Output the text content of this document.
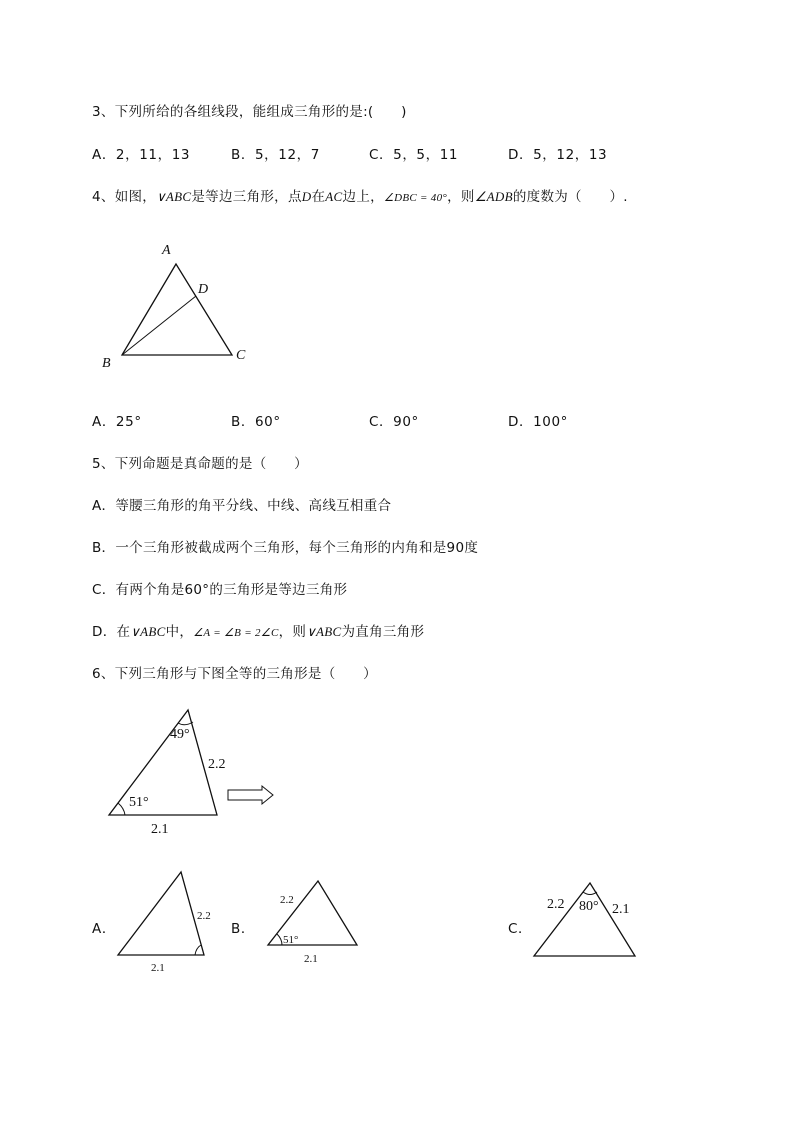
3、下列所给的各组线段，能组成三角形的是:(　　)
A．2，11，13	B．5，12，7	C．5，5，11	D．5，12，13
4、如图，∨ABC是等边三角形，点D在AC边上，∠DBC = 40°，则∠ADB的度数为（　　）.
A
D
B
C
A．25°	B．60°	C．90°	D．100°
5、下列命题是真命题的是（　　）
A．等腰三角形的角平分线、中线、高线互相重合
B．一个三角形被截成两个三角形，每个三角形的内角和是90度
C．有两个角是60°的三角形是等边三角形
D．在∨ABC中，∠A = ∠B = 2∠C，则∨ABC为直角三角形
6、下列三角形与下图全等的三角形是（　　）
49°
51°
2.2
2.1
A．	B．	C．
2.2
2.1
2.2
51°
2.1
2.2 80° 2.1
